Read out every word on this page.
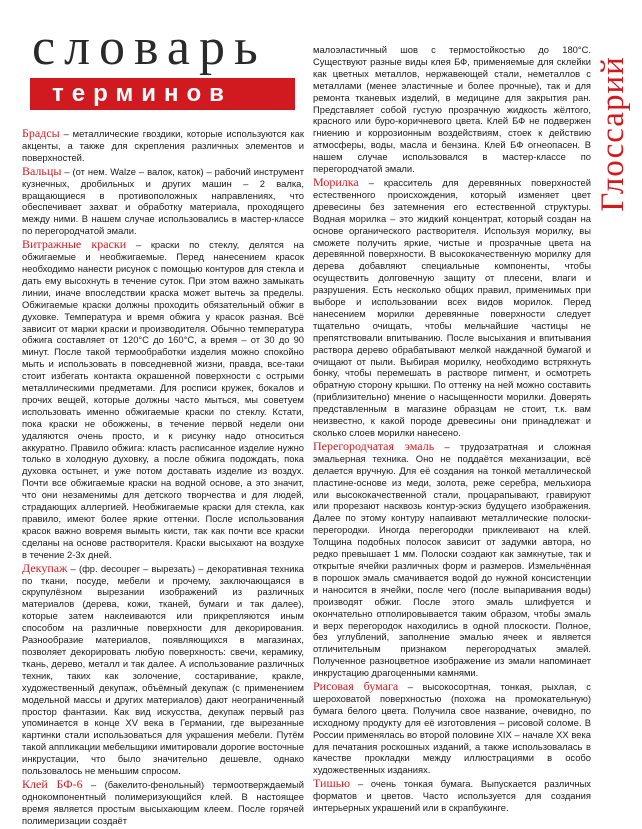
словарь
терминов

Брадсы – металлические гвоздики, которые используются как акценты, а также для скрепления различных элементов и поверхностей.

Вальцы – (от нем. Walze – валок, каток) – рабочий инструмент кузнечных, дробильных и других машин – 2 валка, вращающиеся в противоположных направлениях, что обеспечивает захват и обработку материала, проходящего между ними. В нашем случае использовались в мастер-классе по перегородчатой эмали.

Витражные краски – краски по стеклу, делятся на обжигаемые и необжигаемые. Перед нанесением красок необходимо нанести рисунок с помощью контуров для стекла и дать ему высохнуть в течение суток. При этом важно замыкать линии, иначе впоследствии краска может вытечь за пределы. Обжигаемые краски должны проходить обязательный обжиг в духовке. Температура и время обжига у красок разная. Всё зависит от марки краски и производителя. Обычно температура обжига составляет от 120°С до 160°С, а время – от 30 до 90 минут. После такой термообработки изделия можно спокойно мыть и использовать в повседневной жизни, правда, все-таки стоит избегать контакта окрашенной поверхности с острыми металлическими предметами. Для росписи кружек, бокалов и прочих вещей, которые должны часто мыться, мы советуем использовать именно обжигаемые краски по стеклу. Кстати, пока краски не обожжены, в течение первой недели они удаляются очень просто, и к рисунку надо относиться аккуратно. Правило обжига: класть расписанное изделие нужно только в холодную духовку, а после обжига подождать, пока духовка остынет, и уже потом доставать изделие из воздух. Почти все обжигаемые краски на водной основе, а это значит, что они незаменимы для детского творчества и для людей, страдающих аллергией. Необжигаемые краски для стекла, как правило, имеют более яркие оттенки. После использования красок важно вовремя вымыть кисти, так как почти все краски сделаны на основе растворителя. Краски высыхают на воздухе в течение 2-3х дней.

Декупаж – (фр. decouper – вырезать) – декоративная техника по ткани, посуде, мебели и прочему, заключающаяся в скрупулёзном вырезании изображений из различных материалов (дерева, кожи, тканей, бумаги и так далее), которые затем наклеиваются или прикрепляются иным способом на различные поверхности для декорирования. Разнообразие материалов, появляющихся в магазинах, позволяет декорировать любую поверхность: свечи, керамику, ткань, дерево, металл и так далее. А использование различных техник, таких как золочение, состаривание, кракле, художественный декупаж, объёмный декупаж (с применением модельной массы и других материалов) дают неограниченный простор фантазии. Как вид искусства, декупаж первый раз упоминается в конце XV века в Германии, где вырезанные картинки стали использоваться для украшения мебели. Путём такой аппликации мебельщики имитировали дорогие восточные инкрустации, что было значительно дешевле, однако пользовалось не меньшим спросом.

Клей БФ-6 – (бакелито-фенольный) термоотверждаемый однокомпонентный полимеризующийся клей. В настоящее время является простым высыхающим клеем. После горячей полимеризации создаёт

малоэластичный шов с термостойкостью до 180°С. Существуют разные виды клея БФ, применяемые для склейки как цветных металлов, нержавеющей стали, неметаллов с металлами (менее эластичные и более прочные), так и для ремонта тканевых изделий, в медицине для закрытия ран. Представляет собой густую прозрачную жидкость жёлтого, красного или буро-коричневого цвета. Клей БФ не подвержен гниению и коррозионным воздействиям, стоек к действию атмосферы, воды, масла и бензина. Клей БФ огнеопасен. В нашем случае использовался в мастер-классе по перегородчатой эмали.

Морилка – красситель для деревянных поверхностей естественного происхождения, который изменяет цвет древесины без затемнения его естественной структуры. Водная морилка – это жидкий концентрат, который создан на основе органического растворителя. Используя морилку, вы сможете получить яркие, чистые и прозрачные цвета на деревянной поверхности. В высококачественную морилку для дерева добавляют специальные компоненты, чтобы осуществить долговечную защиту от плесени, влаги и разрушения. Есть несколько общих правил, применимых при выборе и использовании всех видов морилок. Перед нанесением морилки деревянные поверхности следует тщательно очищать, чтобы мельчайшие частицы не препятствовали впитыванию. После высыхания и впитывания раствора дерево обрабатывают мелкой наждачной бумагой и очищают от пыли. Выбирая морилку, необходимо встряхнуть бонку, чтобы перемешать в растворе пигмент, и осмотреть обратную сторону крышки. По оттенку на ней можно составить (приблизительно) мнение о насыщенности морилки. Доверять представленным в магазине образцам не стоит, т.к. вам неизвестно, к какой породе древесины они принадлежат и сколько слоев морилки нанесено.

Перегородчатая эмаль – трудозатратная и сложная эмальерная техника. Оно не поддаётся механизации, всё делается вручную. Для её создания на тонкой металлической пластине-основе из меди, золота, реже серебра, мельхиора или высококачественной стали, процарапывают, гравируют или прорезают насквозь контур-эскиз будущего изображения. Далее по этому контуру напаивают металлические полоски-перегородки. Иногда перегородки приклеивают на клей. Толщина подобных полосок зависит от задумки автора, но редко превышает 1 мм. Полоски создают как замкнутые, так и открытые ячейки различных форм и размеров. Измельчённая в порошок эмаль смачивается водой до нужной консистенции и наносится в ячейки, после чего (после выпаривания воды) производят обжиг. После этого эмаль шлифуется и окончательно отполировывается таким образом, чтобы эмаль и верх перегородок находились в одной плоскости. Полное, без углублений, заполнение эмалью ячеек и является отличительным признаком перегородчатых эмалей. Полученное разноцветное изображение из эмали напоминает инкрустацию драгоценными камнями.

Рисовая бумага – высокосортная, тонкая, рыхлая, с шероховатой поверхностью (похожа на промокательную) бумага белого цвета. Получила свое название, очевидно, по исходному продукту для её изготовления – рисовой соломе. В России применялась во второй половине XIX – начале XX века для печатания роскошных изданий, а также использовалась в качестве прокладки между иллюстрациями в особо художественных изданиях.

Тишью – очень тонкая бумага. Выпускается различных форматов и цветов. Часто используется для создания интерьерных украшений или в скрапбукинге.

Глоссарий
